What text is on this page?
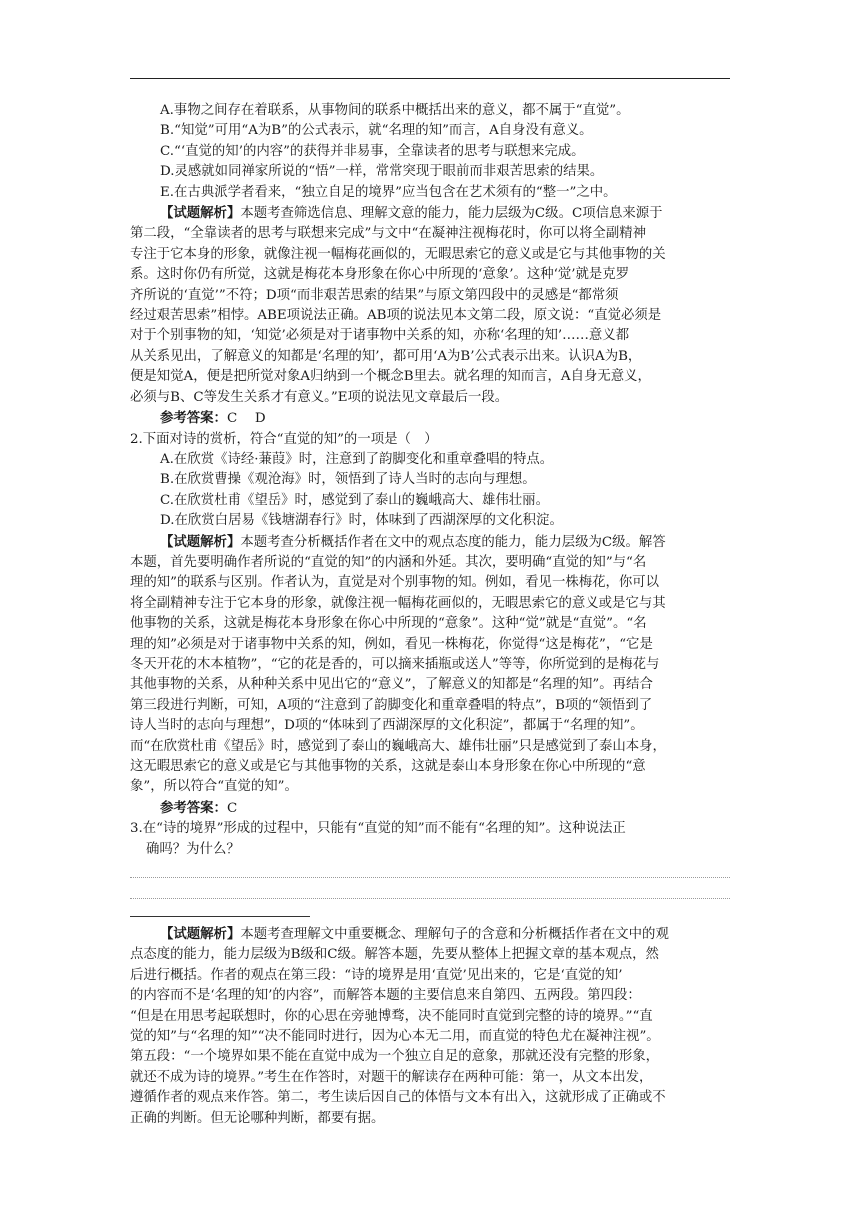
A.事物之间存在着联系，从事物间的联系中概括出来的意义，都不属于“直觉”。
B.“知觉”可用“A为B”的公式表示，就“名理的知”而言，A自身没有意义。
C.“‘直觉的知’的内容”的获得并非易事，全靠读者的思考与联想来完成。
D.灵感就如同禅家所说的“悟”一样，常常突现于眼前而非艰苦思索的结果。
E.在古典派学者看来，“独立自足的境界”应当包含在艺术须有的“整一”之中。
【试题解析】本题考查筛选信息、理解文意的能力，能力层级为C级。C项信息来源于
第二段，“全靠读者的思考与联想来完成”与文中“在凝神注视梅花时，你可以将全副精神
专注于它本身的形象，就像注视一幅梅花画似的，无暇思索它的意义或是它与其他事物的关
系。这时你仍有所觉，这就是梅花本身形象在你心中所现的‘意象’。这种‘觉’就是克罗
齐所说的‘直觉’”不符；D项“而非艰苦思索的结果”与原文第四段中的灵感是“都常须
经过艰苦思索”相悖。ABE项说法正确。AB项的说法见本文第二段，原文说：“直觉必须是
对于个别事物的知，‘知觉’必须是对于诸事物中关系的知，亦称‘名理的知’……意义都
从关系见出，了解意义的知都是‘名理的知’，都可用‘A为B’公式表示出来。认识A为B，
便是知觉A，便是把所觉对象A归纳到一个概念B里去。就名理的知而言，A自身无意义，
必须与B、C等发生关系才有意义。”E项的说法见文章最后一段。
参考答案：C　 D
2.下面对诗的赏析，符合“直觉的知”的一项是（　）
A.在欣赏《诗经·蒹葭》时，注意到了韵脚变化和重章叠唱的特点。
B.在欣赏曹操《观沧海》时，领悟到了诗人当时的志向与理想。
C.在欣赏杜甫《望岳》时，感觉到了泰山的巍峨高大、雄伟壮丽。
D.在欣赏白居易《钱塘湖春行》时，体味到了西湖深厚的文化积淀。
【试题解析】本题考查分析概括作者在文中的观点态度的能力，能力层级为C级。解答
本题，首先要明确作者所说的“直觉的知”的内涵和外延。其次，要明确“直觉的知”与“名
理的知”的联系与区别。作者认为，直觉是对个别事物的知。例如，看见一株梅花，你可以
将全副精神专注于它本身的形象，就像注视一幅梅花画似的，无暇思索它的意义或是它与其
他事物的关系，这就是梅花本身形象在你心中所现的“意象”。这种“觉”就是“直觉”。“名
理的知”必须是对于诸事物中关系的知，例如，看见一株梅花，你觉得“这是梅花”，“它是
冬天开花的木本植物”，“它的花是香的，可以摘来插瓶或送人”等等，你所觉到的是梅花与
其他事物的关系，从种种关系中见出它的“意义”，了解意义的知都是“名理的知”。再结合
第三段进行判断，可知，A项的“注意到了韵脚变化和重章叠唱的特点”，B项的“领悟到了
诗人当时的志向与理想”，D项的“体味到了西湖深厚的文化积淀”，都属于“名理的知”。
而“在欣赏杜甫《望岳》时，感觉到了泰山的巍峨高大、雄伟壮丽”只是感觉到了泰山本身，
这无暇思索它的意义或是它与其他事物的关系，这就是泰山本身形象在你心中所现的“意
象”，所以符合“直觉的知”。
参考答案：C
3.在“诗的境界”形成的过程中，只能有“直觉的知”而不能有“名理的知”。这种说法正
确吗？为什么？
【试题解析】本题考查理解文中重要概念、理解句子的含意和分析概括作者在文中的观
点态度的能力，能力层级为B级和C级。解答本题，先要从整体上把握文章的基本观点，然
后进行概括。作者的观点在第三段：“诗的境界是用‘直觉’见出来的，它是‘直觉的知’
的内容而不是‘名理的知’的内容”，而解答本题的主要信息来自第四、五两段。第四段：
“但是在用思考起联想时，你的心思在旁驰博骛，决不能同时直觉到完整的诗的境界。”“直
觉的知”与“名理的知”“决不能同时进行，因为心本无二用，而直觉的特色尤在凝神注视”。
第五段：“一个境界如果不能在直觉中成为一个独立自足的意象，那就还没有完整的形象，
就还不成为诗的境界。”考生在作答时，对题干的解读存在两种可能：第一，从文本出发，
遵循作者的观点来作答。第二，考生读后因自己的体悟与文本有出入，这就形成了正确或不
正确的判断。但无论哪种判断，都要有据。
